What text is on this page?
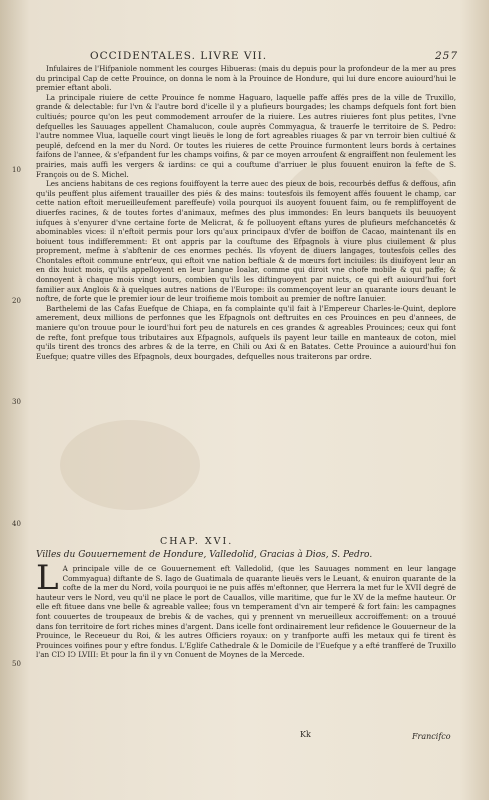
OCCIDENTALES. LIVRE VII.	257
10
20
30
40
50

Infulaires de l'Hifpaniole nomment les courges Hibueras: (mais du depuis pour la profondeur de la mer au pres du principal Cap de cette Prouince, on donna le nom à la Prouince de Hondure, qui lui dure encore auiourd'hui le premier eftant aboli.

La principale riuiere de cette Prouince fe nomme Haguaro, laquelle paffe affés pres de la ville de Truxillo, grande & delectable: fur l'vn & l'autre bord d'icelle il y a plufieurs bourgades; les champs defquels font fort bien cultiués; pource qu'on les peut commodement arroufer de la riuiere. Les autres riuieres font plus petites, l'vne defquelles les Sauuages appellent Chamalucon, coule auprès Commyagua, & trauerfe le territoire de S. Pedro: l'autre nommee Vlua, laquelle court vingt lieuës le long de fort agreables riuages & par vn terroir bien cultiué & peuplé, defcend en la mer du Nord. Or toutes les riuieres de cette Prouince furmontent leurs bords à certaines faifons de l'annee, & s'efpandent fur les champs voifins, & par ce moyen arroufent & engraiffent non feulement les prairies, mais auffi les vergers & iardins: ce qui a couftume d'arriuer le plus fouuent enuiron la fefte de S. François ou de S. Michel.

Les anciens habitans de ces regions fouiffoyent la terre auec des pieux de bois, recourbés deffus & deffous, afin qu'ils peuffent plus aifement trauailler des piés & des mains: toutesfois ils femoyent affés fouuent le champ, car cette nation eftoit merueilleufement pareffeufe) voila pourquoi ils auoyent fouuent faim, ou fe rempliffoyent de diuerfes racines, & de toutes fortes d'animaux, mefmes des plus immondes: En leurs banquets ils beuuoyent iufques à s'enyurer d'vne certaine forte de Melicrat, & fe polluoyent eftans yures de plufieurs mefchancetés & abominables vices: il n'eftoit permis pour lors qu'aux principaux d'vfer de boiffon de Cacao, maintenant ils en boiuent tous indifferemment: Et ont appris par la couftume des Efpagnols à viure plus ciuilement & plus proprement, mefme à s'abftenir de ces enormes pechés. Ils vfoyent de diuers langages, toutesfois celles des Chontales eftoit commune entr'eux, qui eftoit vne nation beftiale & de mœurs fort inciuiles: ils diuifoyent leur an en dix huict mois, qu'ils appelloyent en leur langue Ioalar, comme qui diroit vne chofe mobile & qui paffe; & donnoyent à chaque mois vingt iours, combien qu'ils les diftinguoyent par nuicts, ce qui eft auiourd'hui fort familier aux Anglois & à quelques autres nations de l'Europe: ils commençoyent leur an quarante iours deuant le noftre, de forte que le premier iour de leur troifieme mois tomboit au premier de noftre Ianuier.

Barthelemi de las Cafas Euefque de Chiapa, en fa complainte qu'il fait à l'Empereur Charles-le-Quint, deplore amerement, deux millions de perfonnes que les Efpagnols ont deftruites en ces Prouinces en peu d'annees, de maniere qu'on trouue pour le iourd'hui fort peu de naturels en ces grandes & agreables Prouinces; ceux qui font de refte, font prefque tous tributaires aux Efpagnols, aufquels ils payent leur taille en manteaux de coton, miel qu'ils tirent des troncs des arbres & de la terre, en Chili ou Axi & en Batates. Cette Prouince a auiourd'hui fon Euefque; quatre villes des Efpagnols, deux bourgades, defquelles nous traiterons par ordre.

CHAP. XVI.
Villes du Gouuernement de Hondure, Valledolid, Gracias à Dios, S. Pedro.
L A principale ville de ce Gouuernement eft Valledolid, (que les Sauuages nomment en leur langage Commyagua) diftante de S. Iago de Guatimala de quarante lieuës vers le Leuant, & enuiron quarante de la cofte de la mer du Nord, voila pourquoi ie ne puis affés m'eftonner, que Herrera la met fur le XVII degré de hauteur vers le Nord, veu qu'il ne place le port de Cauallos, ville maritime, que fur le XV de la mefme hauteur. Or elle eft fituee dans vne belle & agreable vallee; fous vn temperament d'vn air temperé & fort fain: les campagnes font couuertes de troupeaux de brebis & de vaches, qui y prennent vn merueilleux accroiffement: on a trouué dans fon territoire de fort riches mines d'argent. Dans icelle font ordinairement leur refidence le Gouuerneur de la Prouince, le Receueur du Roi, & les autres Officiers royaux: on y tranfporte auffi les metaux qui fe tirent ès Prouinces voifines pour y eftre fondus. L'Eglife Cathedrale & le Domicile de l'Euefque y a efté tranfferé de Truxillo l'an CIↃ IↃ LVIII: Et pour la fin il y vn Conuent de Moynes de la Mercede.
Kk	Francifco
